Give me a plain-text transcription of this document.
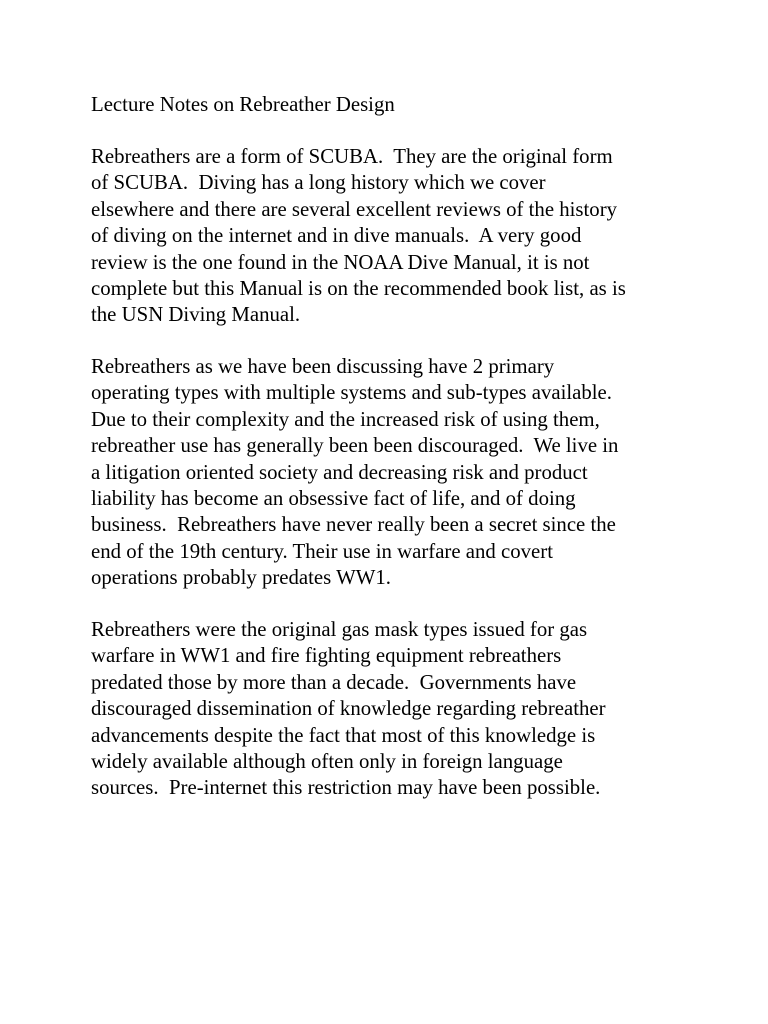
Lecture Notes on Rebreather Design
Rebreathers are a form of SCUBA.  They are the original form
of SCUBA.  Diving has a long history which we cover
elsewhere and there are several excellent reviews of the history
of diving on the internet and in dive manuals.  A very good
review is the one found in the NOAA Dive Manual, it is not
complete but this Manual is on the recommended book list, as is
the USN Diving Manual.
Rebreathers as we have been discussing have 2 primary
operating types with multiple systems and sub-types available.
Due to their complexity and the increased risk of using them,
rebreather use has generally been been discouraged.  We live in
a litigation oriented society and decreasing risk and product
liability has become an obsessive fact of life, and of doing
business.  Rebreathers have never really been a secret since the
end of the 19th century. Their use in warfare and covert
operations probably predates WW1.
Rebreathers were the original gas mask types issued for gas
warfare in WW1 and fire fighting equipment rebreathers
predated those by more than a decade.  Governments have
discouraged dissemination of knowledge regarding rebreather
advancements despite the fact that most of this knowledge is
widely available although often only in foreign language
sources.  Pre-internet this restriction may have been possible.
